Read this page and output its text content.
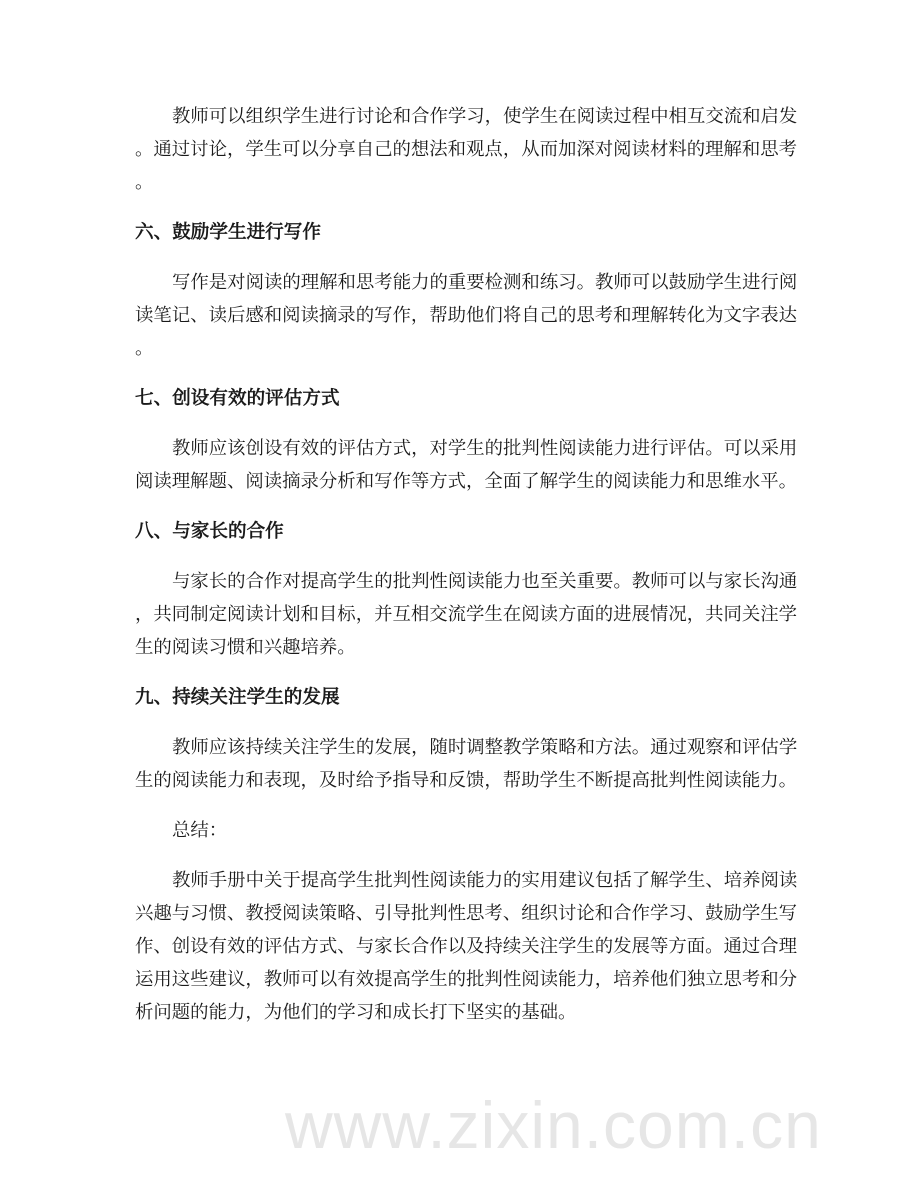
www.zixin.com.cn
教师可以组织学生进行讨论和合作学习，使学生在阅读过程中相互交流和启发
。通过讨论，学生可以分享自己的想法和观点，从而加深对阅读材料的理解和思考
。
六、鼓励学生进行写作
写作是对阅读的理解和思考能力的重要检测和练习。教师可以鼓励学生进行阅
读笔记、读后感和阅读摘录的写作，帮助他们将自己的思考和理解转化为文字表达
。
七、创设有效的评估方式
教师应该创设有效的评估方式，对学生的批判性阅读能力进行评估。可以采用
阅读理解题、阅读摘录分析和写作等方式，全面了解学生的阅读能力和思维水平。
八、与家长的合作
与家长的合作对提高学生的批判性阅读能力也至关重要。教师可以与家长沟通
，共同制定阅读计划和目标，并互相交流学生在阅读方面的进展情况，共同关注学
生的阅读习惯和兴趣培养。
九、持续关注学生的发展
教师应该持续关注学生的发展，随时调整教学策略和方法。通过观察和评估学
生的阅读能力和表现，及时给予指导和反馈，帮助学生不断提高批判性阅读能力。
总结：
教师手册中关于提高学生批判性阅读能力的实用建议包括了解学生、培养阅读
兴趣与习惯、教授阅读策略、引导批判性思考、组织讨论和合作学习、鼓励学生写
作、创设有效的评估方式、与家长合作以及持续关注学生的发展等方面。通过合理
运用这些建议，教师可以有效提高学生的批判性阅读能力，培养他们独立思考和分
析问题的能力，为他们的学习和成长打下坚实的基础。
